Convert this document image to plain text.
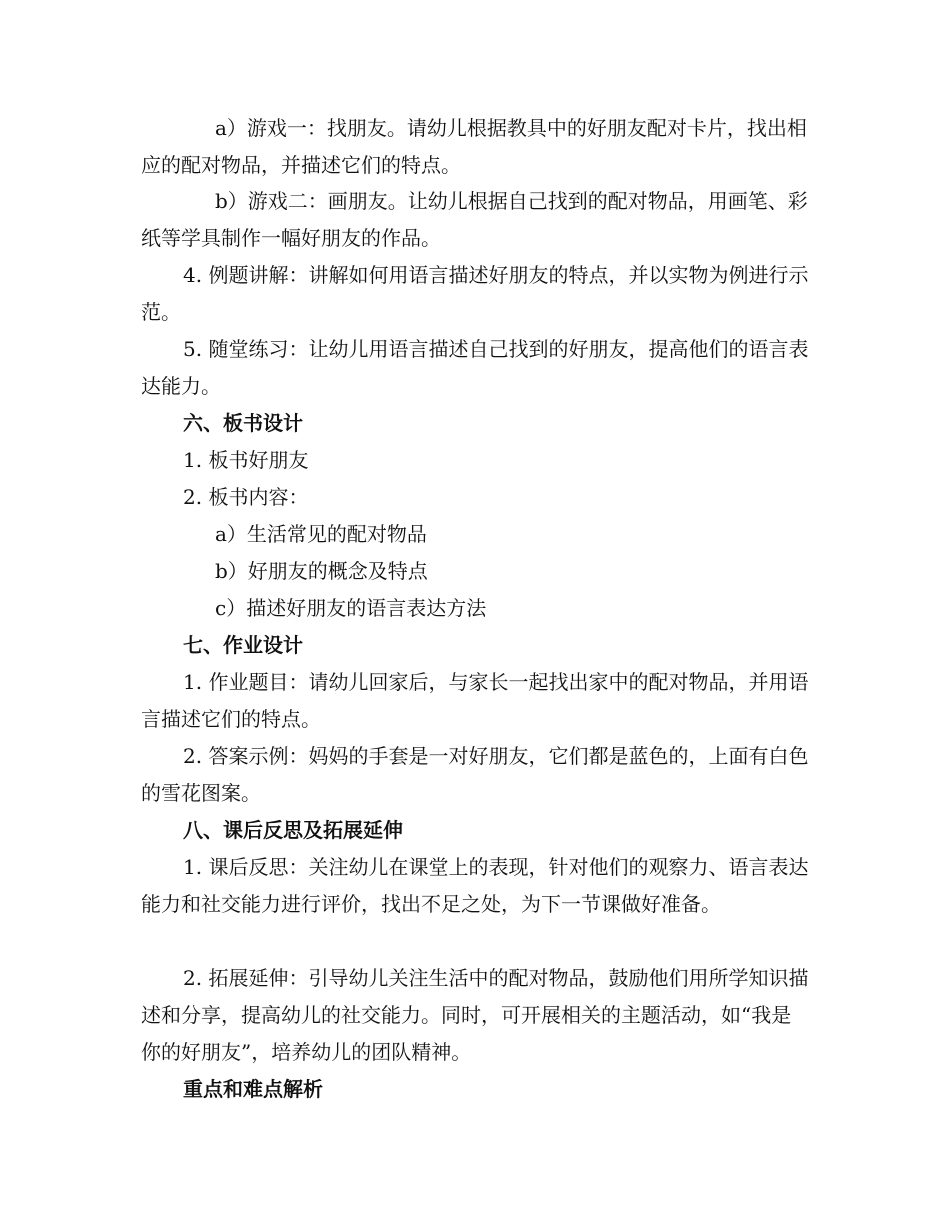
a）游戏一：找朋友。请幼儿根据教具中的好朋友配对卡片，找出相应的配对物品，并描述它们的特点。

b）游戏二：画朋友。让幼儿根据自己找到的配对物品，用画笔、彩纸等学具制作一幅好朋友的作品。

4. 例题讲解：讲解如何用语言描述好朋友的特点，并以实物为例进行示范。

5. 随堂练习：让幼儿用语言描述自己找到的好朋友，提高他们的语言表达能力。

六、板书设计

1. 板书好朋友

2. 板书内容：

a）生活常见的配对物品

b）好朋友的概念及特点

c）描述好朋友的语言表达方法

七、作业设计

1. 作业题目：请幼儿回家后，与家长一起找出家中的配对物品，并用语言描述它们的特点。

2. 答案示例：妈妈的手套是一对好朋友，它们都是蓝色的，上面有白色的雪花图案。

八、课后反思及拓展延伸

1. 课后反思：关注幼儿在课堂上的表现，针对他们的观察力、语言表达能力和社交能力进行评价，找出不足之处，为下一节课做好准备。

2. 拓展延伸：引导幼儿关注生活中的配对物品，鼓励他们用所学知识描述和分享，提高幼儿的社交能力。同时，可开展相关的主题活动，如“我是你的好朋友”，培养幼儿的团队精神。

重点和难点解析
